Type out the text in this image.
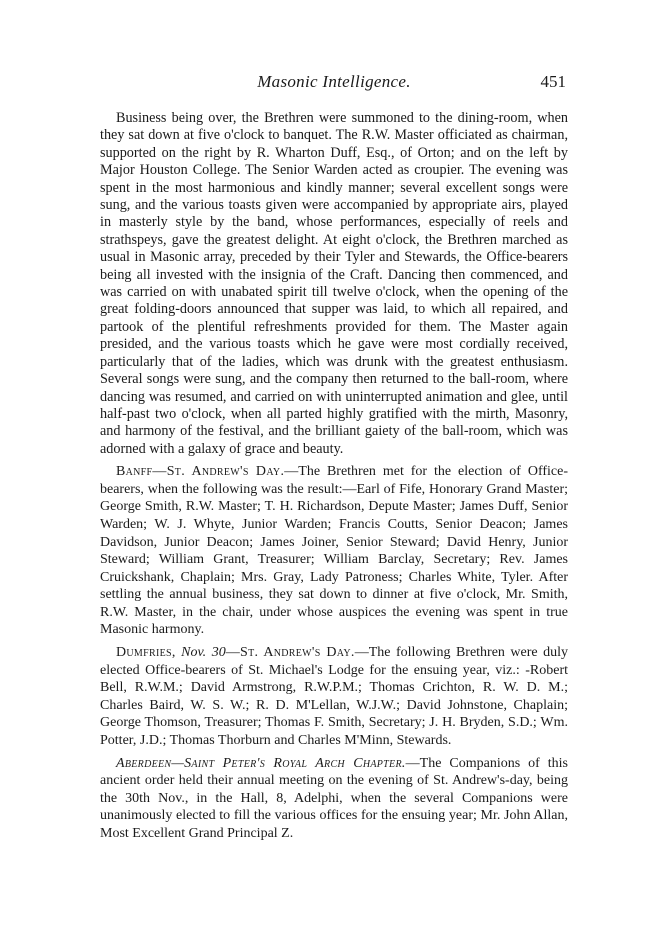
Masonic Intelligence.	451

Business being over, the Brethren were summoned to the dining-room, when they sat down at five o'clock to banquet. The R.W. Master officiated as chairman, supported on the right by R. Wharton Duff, Esq., of Orton; and on the left by Major Houston College. The Senior Warden acted as croupier. The evening was spent in the most harmonious and kindly manner; several excellent songs were sung, and the various toasts given were accompanied by appropriate airs, played in masterly style by the band, whose performances, especially of reels and strathspeys, gave the greatest delight. At eight o'clock, the Brethren marched as usual in Masonic array, preceded by their Tyler and Stewards, the Office-bearers being all invested with the insignia of the Craft. Dancing then commenced, and was carried on with unabated spirit till twelve o'clock, when the opening of the great folding-doors announced that supper was laid, to which all repaired, and partook of the plentiful refreshments provided for them. The Master again presided, and the various toasts which he gave were most cordially received, particularly that of the ladies, which was drunk with the greatest enthusiasm. Several songs were sung, and the company then returned to the ball-room, where dancing was resumed, and carried on with uninterrupted animation and glee, until half-past two o'clock, when all parted highly gratified with the mirth, Masonry, and harmony of the festival, and the brilliant gaiety of the ball-room, which was adorned with a galaxy of grace and beauty.

Banff—St. Andrew's Day.—The Brethren met for the election of Office-bearers, when the following was the result:—Earl of Fife, Honorary Grand Master; George Smith, R.W. Master; T. H. Richardson, Depute Master; James Duff, Senior Warden; W. J. Whyte, Junior Warden; Francis Coutts, Senior Deacon; James Davidson, Junior Deacon; James Joiner, Senior Steward; David Henry, Junior Steward; William Grant, Treasurer; William Barclay, Secretary; Rev. James Cruickshank, Chaplain; Mrs. Gray, Lady Patroness; Charles White, Tyler. After settling the annual business, they sat down to dinner at five o'clock, Mr. Smith, R.W. Master, in the chair, under whose auspices the evening was spent in true Masonic harmony.

Dumfries, Nov. 30—St. Andrew's Day.—The following Brethren were duly elected Office-bearers of St. Michael's Lodge for the ensuing year, viz.: -Robert Bell, R.W.M.; David Armstrong, R.W.P.M.; Thomas Crichton, R. W. D. M.; Charles Baird, W. S. W.; R. D. M'Lellan, W.J.W.; David Johnstone, Chaplain; George Thomson, Treasurer; Thomas F. Smith, Secretary; J. H. Bryden, S.D.; Wm. Potter, J.D.; Thomas Thorburn and Charles M'Minn, Stewards.

Aberdeen—Saint Peter's Royal Arch Chapter.—The Companions of this ancient order held their annual meeting on the evening of St. Andrew's-day, being the 30th Nov., in the Hall, 8, Adelphi, when the several Companions were unanimously elected to fill the various offices for the ensuing year; Mr. John Allan, Most Excellent Grand Principal Z.
